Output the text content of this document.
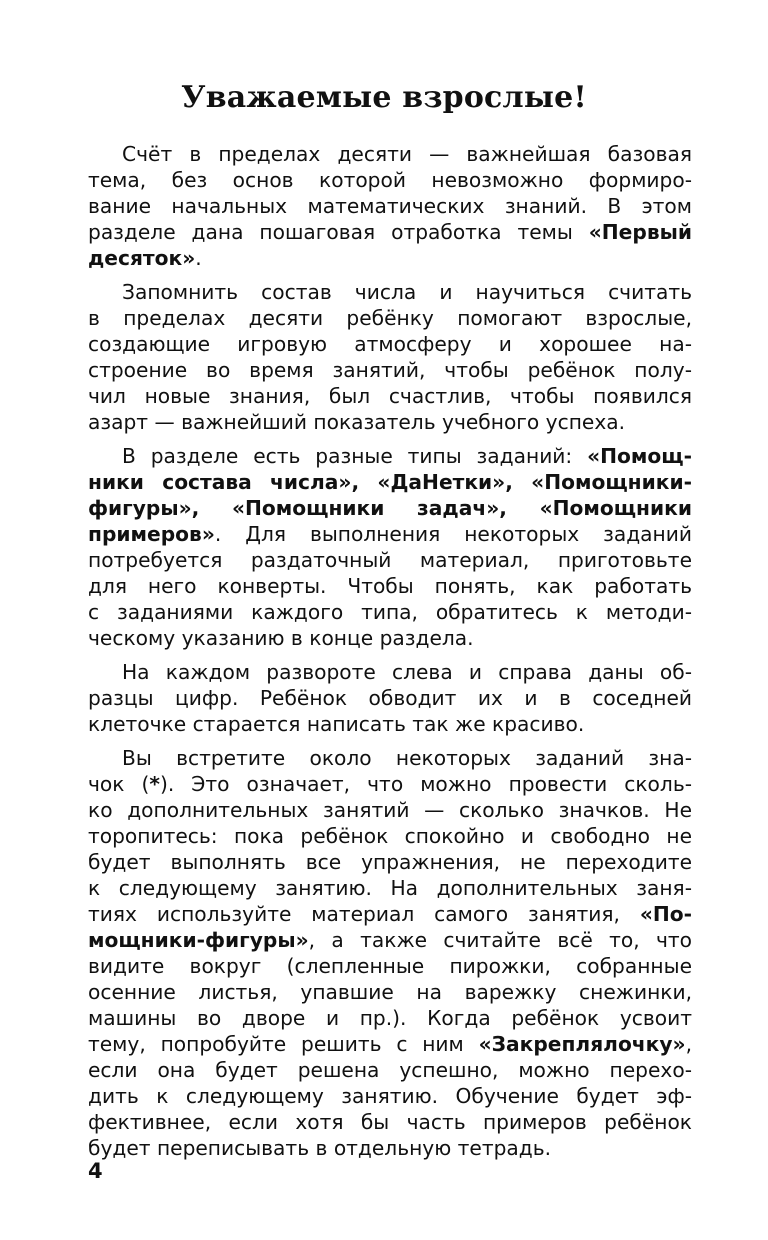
Уважаемые взрослые!
Счёт в пределах десяти — важнейшая базовая
тема, без основ которой невозможно формиро-
вание начальных математических знаний. В этом
разделе дана пошаговая отработка темы «Первый
десяток».
Запомнить состав числа и научиться считать
в пределах десяти ребёнку помогают взрослые,
создающие игровую атмосферу и хорошее на-
строение во время занятий, чтобы ребёнок полу-
чил новые знания, был счастлив, чтобы появился
азарт — важнейший показатель учебного успеха.
В разделе есть разные типы заданий: «Помощ-
ники состава числа», «ДаНетки», «Помощники-
фигуры», «Помощники задач», «Помощники
примеров». Для выполнения некоторых заданий
потребуется раздаточный материал, приготовьте
для него конверты. Чтобы понять, как работать
с заданиями каждого типа, обратитесь к методи-
ческому указанию в конце раздела.
На каждом развороте слева и справа даны об-
разцы цифр. Ребёнок обводит их и в соседней
клеточке старается написать так же красиво.
Вы встретите около некоторых заданий зна-
чок (*). Это означает, что можно провести сколь-
ко дополнительных занятий — сколько значков. Не
торопитесь: пока ребёнок спокойно и свободно не
будет выполнять все упражнения, не переходите
к следующему занятию. На дополнительных заня-
тиях используйте материал самого занятия, «По-
мощники-фигуры», а также считайте всё то, что
видите вокруг (слепленные пирожки, собранные
осенние листья, упавшие на варежку снежинки,
машины во дворе и пр.). Когда ребёнок усвоит
тему, попробуйте решить с ним «Закреплялочку»,
если она будет решена успешно, можно перехо-
дить к следующему занятию. Обучение будет эф-
фективнее, если хотя бы часть примеров ребёнок
будет переписывать в отдельную тетрадь.

4
